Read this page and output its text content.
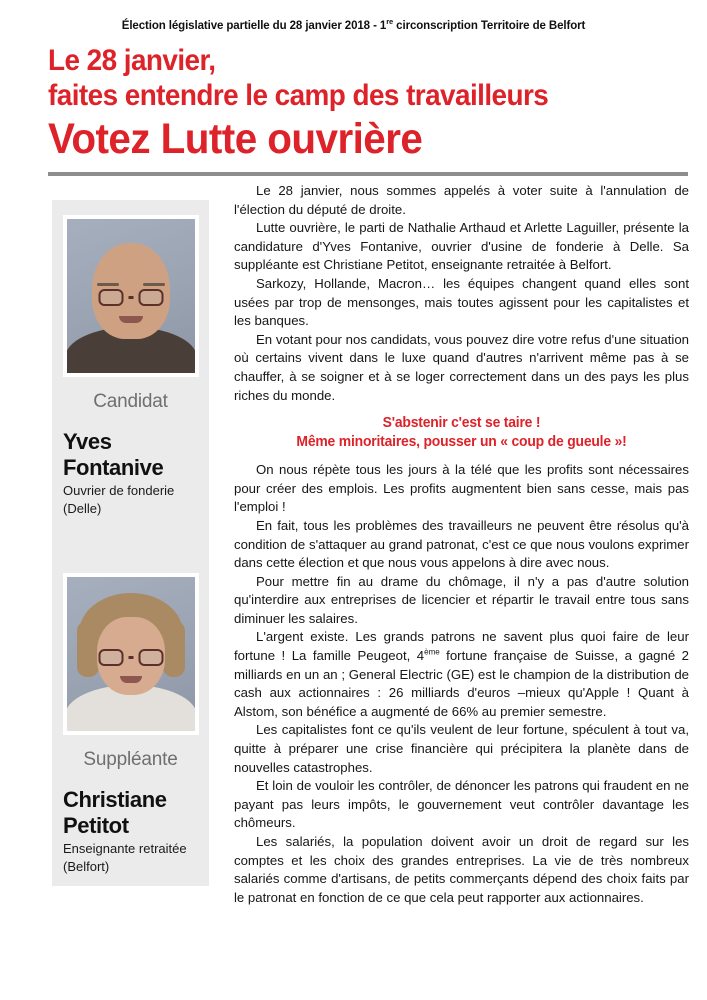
Élection législative partielle du 28 janvier 2018 - 1re circonscription Territoire de Belfort
Le 28 janvier,
faites entendre le camp des travailleurs
Votez Lutte ouvrière
Candidat
Yves
Fontanive
Ouvrier de fonderie
(Delle)
Suppléante
Christiane
Petitot
Enseignante retraitée
(Belfort)

Le 28 janvier, nous sommes appelés à voter suite à l'annulation de l'élection du député de droite.

Lutte ouvrière, le parti de Nathalie Arthaud et Arlette Laguiller, présente la candidature d'Yves Fontanive, ouvrier d'usine de fonderie à Delle. Sa suppléante est Christiane Petitot, enseignante retraitée à Belfort.

Sarkozy, Hollande, Macron… les équipes changent quand elles sont usées par trop de mensonges, mais toutes agissent pour les capitalistes et les banques.

En votant pour nos candidats, vous pouvez dire votre refus d'une situation où certains vivent dans le luxe quand d'autres n'arrivent même pas à se chauffer, à se soigner et à se loger correctement dans un des pays les plus riches du monde.

S'abstenir c'est se taire !
Même minoritaires, pousser un « coup de gueule »!

On nous répète tous les jours à la télé que les profits sont nécessaires pour créer des emplois. Les profits augmentent bien sans cesse, mais pas l'emploi !

En fait, tous les problèmes des travailleurs ne peuvent être résolus qu'à condition de s'attaquer au grand patronat, c'est ce que nous voulons exprimer dans cette élection et que nous vous appelons à dire avec nous.

Pour mettre fin au drame du chômage, il n'y a pas d'autre solution qu'interdire aux entreprises de licencier et répartir le travail entre tous sans diminuer les salaires.

L'argent existe. Les grands patrons ne savent plus quoi faire de leur fortune ! La famille Peugeot, 4ème fortune française de Suisse, a gagné 2 milliards en un an ; General Electric (GE) est le champion de la distribution de cash aux actionnaires : 26 milliards d'euros –mieux qu'Apple ! Quant à Alstom, son bénéfice a augmenté de 66% au premier semestre.

Les capitalistes font ce qu'ils veulent de leur fortune, spéculent à tout va, quitte à préparer une crise financière qui précipitera la planète dans de nouvelles catastrophes.

Et loin de vouloir les contrôler, de dénoncer les patrons qui fraudent en ne payant pas leurs impôts, le gouvernement veut contrôler davantage les chômeurs.

Les salariés, la population doivent avoir un droit de regard sur les comptes et les choix des grandes entreprises. La vie de très nombreux salariés comme d'artisans, de petits commerçants dépend des choix faits par le patronat en fonction de ce que cela peut rapporter aux actionnaires.
